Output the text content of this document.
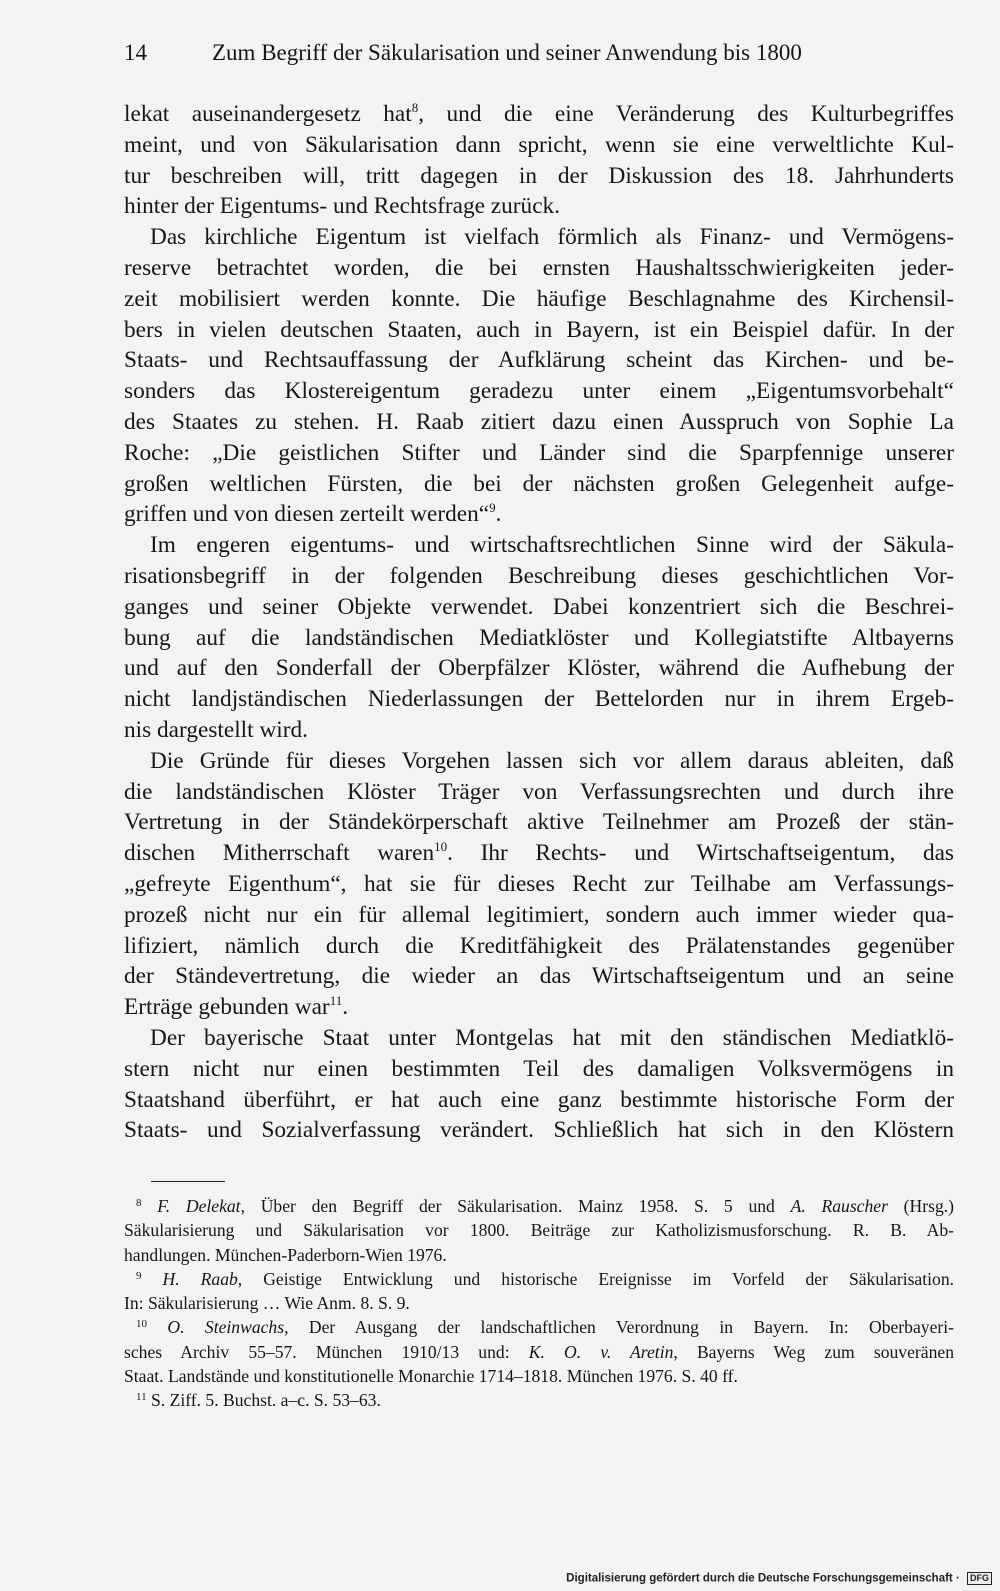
14	Zum Begriff der Säkularisation und seiner Anwendung bis 1800
lekat auseinandergesetz hat$^8$, und die eine Veränderung des Kulturbegriffes
meint, und von Säkularisation dann spricht, wenn sie eine verweltlichte Kul-
tur beschreiben will, tritt dagegen in der Diskussion des 18. Jahrhunderts
hinter der Eigentums- und Rechtsfrage zurück.
Das kirchliche Eigentum ist vielfach förmlich als Finanz- und Vermögens-
reserve betrachtet worden, die bei ernsten Haushaltsschwierigkeiten jeder-
zeit mobilisiert werden konnte. Die häufige Beschlagnahme des Kirchensil-
bers in vielen deutschen Staaten, auch in Bayern, ist ein Beispiel dafür. In der
Staats- und Rechtsauffassung der Aufklärung scheint das Kirchen- und be-
sonders das Klostereigentum geradezu unter einem „Eigentumsvorbehalt“
des Staates zu stehen. H. Raab zitiert dazu einen Ausspruch von Sophie La
Roche: „Die geistlichen Stifter und Länder sind die Sparpfennige unserer
großen weltlichen Fürsten, die bei der nächsten großen Gelegenheit aufge-
griffen und von diesen zerteilt werden“$^9$.
Im engeren eigentums- und wirtschaftsrechtlichen Sinne wird der Säkula-
risationsbegriff in der folgenden Beschreibung dieses geschichtlichen Vor-
ganges und seiner Objekte verwendet. Dabei konzentriert sich die Beschrei-
bung auf die landständischen Mediatklöster und Kollegiatstifte Altbayerns
und auf den Sonderfall der Oberpfälzer Klöster, während die Aufhebung der
nicht landjständischen Niederlassungen der Bettelorden nur in ihrem Ergeb-
nis dargestellt wird.
Die Gründe für dieses Vorgehen lassen sich vor allem daraus ableiten, daß
die landständischen Klöster Träger von Verfassungsrechten und durch ihre
Vertretung in der Ständekörperschaft aktive Teilnehmer am Prozeß der stän-
dischen Mitherrschaft waren$^{10}$. Ihr Rechts- und Wirtschaftseigentum, das
„gefreyte Eigenthum“, hat sie für dieses Recht zur Teilhabe am Verfassungs-
prozeß nicht nur ein für allemal legitimiert, sondern auch immer wieder qua-
lifiziert, nämlich durch die Kreditfähigkeit des Prälatenstandes gegenüber
der Ständevertretung, die wieder an das Wirtschaftseigentum und an seine
Erträge gebunden war$^{11}$.
Der bayerische Staat unter Montgelas hat mit den ständischen Mediatklö-
stern nicht nur einen bestimmten Teil des damaligen Volksvermögens in
Staatshand überführt, er hat auch eine ganz bestimmte historische Form der
Staats- und Sozialverfassung verändert. Schließlich hat sich in den Klöstern
$^8$ F. Delekat, Über den Begriff der Säkularisation. Mainz 1958. S. 5 und A. Rauscher (Hrsg.)
Säkularisierung und Säkularisation vor 1800. Beiträge zur Katholizismusforschung. R. B. Ab-
handlungen. München-Paderborn-Wien 1976.
$^9$ H. Raab, Geistige Entwicklung und historische Ereignisse im Vorfeld der Säkularisation.
In: Säkularisierung … Wie Anm. 8. S. 9.
$^{10}$ O. Steinwachs, Der Ausgang der landschaftlichen Verordnung in Bayern. In: Oberbayeri-
sches Archiv 55–57. München 1910/13 und: K. O. v. Aretin, Bayerns Weg zum souveränen
Staat. Landstände und konstitutionelle Monarchie 1714–1818. München 1976. S. 40 ff.
$^{11}$ S. Ziff. 5. Buchst. a–c. S. 53–63.
Digitalisierung gefördert durch die Deutsche Forschungsgemeinschaft · DFG
